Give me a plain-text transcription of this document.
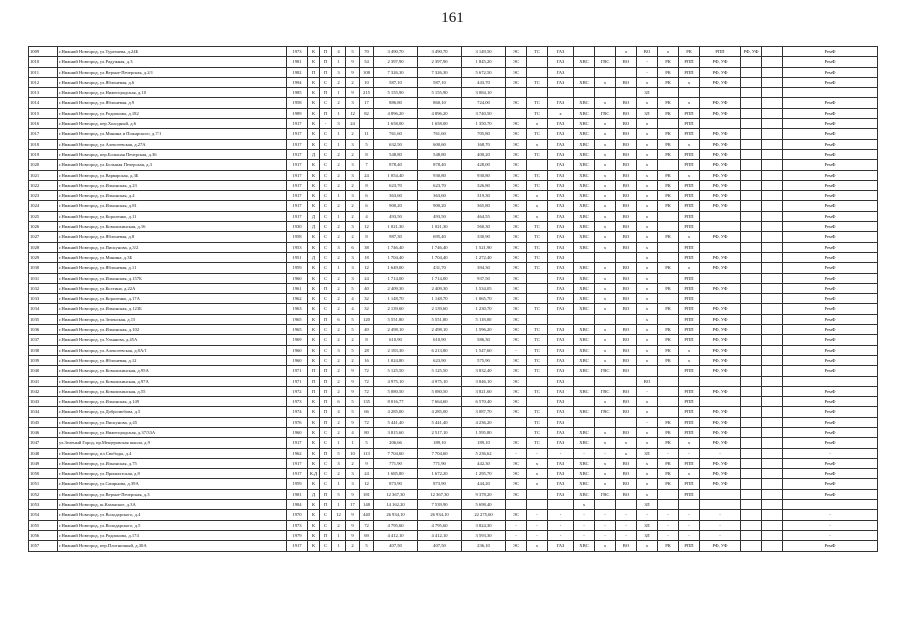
161
1009	г.Нижний Новгород, ул.Тургенева, д.24Б	1973	К	П	4	5	70	3 490,70	3 490,70	3 149,50	ЭС	ТС	ГАЗ			х	ВО	х	РК	РПП	РФ, УФ		РемФ
1010	г.Нижний Новгород, ул.Радужная, д.3	1981	К	П	1	9	54	2 397,90	2 397,90	1 845,20	ЭС		ГАЗ	ХВС	ГВС	ВО	-	РК	РПП	РФ, УФ			РемФ
1011	г.Нижний Новгород, ул.Верхне-Печерская, д.2/1	1982	П	П	3	9	108	7 326,30	7 326,30	5 672,50	ЭС		ГАЗ				-	РК	РПП	РФ, УФ			РемФ
1012	г.Нижний Новгород, ул.Яблоневая, д.6	1994	К	С	2	2	10	587,10	587,10	443,70	ЭС	ТС	ГАЗ	ХВС	х	ВО	х	РК	х	РФ, УФ			РемФ
1013	г.Нижний Новгород, ул.Нижегородская, д.10	1985	К	П	1	9	215	5 155,90	5 155,90	3 084,10							ЗЛ						
1014	г.Нижний Новгород, ул.Яблоневая, д.9	1958	К	С	2	3	17	886,80	860,10	724,00	ЭС	ТС	ГАЗ	ХВС	х	ВО	х	РК	х	РФ, УФ			РемФ
1015	г.Нижний Новгород, ул.Родионова, д.182	1989	К	П	1	12	82	4 896,20	4 896,20	3 740,50		ТС	х	ХВС	ГВС	ВО	ЗЛ	РК	РПП	РФ, УФ			РемФ
1016	г.Нижний Новгород, пер.Холодный, д.6	1917	К	-	3	24		1 658,00	1 658,00	1 350,70	ЭС	х	ГАЗ	ХВС	х	ВО	х		РПП				РемФ
1017	г.Нижний Новгород, ул.Минина и Пожарского, д.7/1	1917	К	С	1	2	11	761,60	761,60	705,80	ЭС	ТС	ГАЗ	ХВС	х	ВО	х	РК	РПП	РФ, УФ			РемФ
1018	г.Нижний Новгород, ул.Алексеевская, д.27А	1917	К	С	1	3	5	632,50	600,60	168,70	ЭС	х	ГАЗ	ХВС	х	ВО	х	РК	х	РФ, УФ			РемФ
1019	г.Нижний Новгород, пер.Большая Печерская, д.36	1917	Д	С	2	2	8	548,80	548,80	400,20	ЭС	ТС	ГАЗ	ХВС	х	ВО	х	РК	РПП	РФ, УФ			РемФ
1020	г.Нижний Новгород, ул.Большая Печерская, д.3	1917	К	С	2	3	7	878,40	878,40	428,00	ЭС		ГАЗ	ХВС	х	ВО	х		РПП	РФ, УФ			РемФ
1021	г.Нижний Новгород, ул.Варварская, д.3Б	1917	К	С	2	3	24	1 054,40	930,80	930,80	ЭС	ТС	ГАЗ	ХВС	х	ВО	х	РК	х	РФ, УФ			РемФ
1022	г.Нижний Новгород, ул.Ильинская, д.23	1917	К	С	2	2	8	623,70	623,70	326,80	ЭС	ТС	ГАЗ	ХВС	х	ВО	х	РК	РПП	РФ, УФ			РемФ
1023	г.Нижний Новгород, ул.Ильинская, д.4	1917	К	С	1	3	6	363,60	363,60	319,30	ЭС	х	ГАЗ	ХВС	х	ВО	х	РК	РПП	РФ, УФ			РемФ
1024	г.Нижний Новгород, ул.Ильинская, д.81	1917	К	С	2	2	6	900,20	900,20	365,80	ЭС	х	ГАЗ	ХВС	х	ВО	х	РК	РПП	РФ, УФ			РемФ
1025	г.Нижний Новгород, ул.Короленко, д.11	1917	Д	С	1	2	4	493,50	493,50	464,55	ЭС	х	ГАЗ	ХВС	х	ВО	х		РПП				РемФ
1026	г.Нижний Новгород, ул.Ковалихинская, д.16	1930	Д	С	2	3	12	1 021,30	1 021,30	560,30	ЭС	ТС	ГАЗ	ХВС	х	ВО	х		РПП				РемФ
1027	г.Нижний Новгород, ул.Яблоневая, д.8	1958	К	С	2	2	8	987,30	695,40	330,90	ЭС	ТС	ГАЗ	ХВС	х	ВО	х	РК	х	РФ, УФ			РемФ
1028	г.Нижний Новгород, ул.Пискунова, д.3/2	1953	К	С	3	6	38	1 746,40	1 746,40	1 521,90	ЭС	ТС	ГАЗ	ХВС	х	ВО	х		РПП				РемФ
1029	г.Нижний Новгород, ул.Минина, д.3Б	1951	Д	С	2	3	18	1 704,40	1 704,40	1 272,40	ЭС	ТС	ГАЗ				х		РПП	РФ, УФ			РемФ
1030	г.Нижний Новгород, ул.Яблоневая, д.11	1959	К	С	1	3	12	1 649,00	431,70	394,30	ЭС	ТС	ГАЗ	ХВС	х	ВО	х	РК	х	РФ, УФ			РемФ
1031	г.Нижний Новгород, ул.Ильинская, д.157Б	1960	К	С	2	3	24	1 714,00	1 714,00	937,50	ЭС		ГАЗ	ХВС	х	ВО	х		РПП				РемФ
1032	г.Нижний Новгород, ул.Костина, д.22А	1961	К	П	2	5	40	2 409,30	2 409,30	1 534,05	ЭС		ГАЗ	ХВС	х	ВО	х	РК	РПП	РФ, УФ			РемФ
1033	г.Нижний Новгород, ул.Короленко, д.17А	1962	К	С	2	4	32	1 148,70	1 148,70	1 065,70	ЭС		ГАЗ	ХВС	х	ВО	х		РПП				РемФ
1034	г.Нижний Новгород, ул.Ильинская, д.123Б	1963	К	С	2	4	32	2 139,60	2 139,60	1 230,70	ЭС	ТС	ГАЗ	ХВС	х	ВО	х	РК	РПП	РФ, УФ			РемФ
1035	г.Нижний Новгород, ул.Зеленская, д.15	1965	К	П	6	5	120	5 551,80	5 551,80	5 118,00	ЭС						х		РПП	РФ, УФ			РемФ
1036	г.Нижний Новгород, ул.Ильинская, д.102	1965	К	С	2	5	40	2 498,10	2 498,10	1 596,20	ЭС	ТС	ГАЗ	ХВС	х	ВО	х	РК	РПП	РФ, УФ			РемФ
1037	г.Нижний Новгород, ул.Ульянова, д.45А	1969	К	С	2	2	8	610,90	610,90	586,30	ЭС	ТС	ГАЗ	ХВС	х	ВО	х	РК	РПП	РФ, УФ			РемФ
1038	г.Нижний Новгород, ул.Алексеевская, д.8А/1	1960	К	С	3	5	28	2 183,30	6 213,80	1 547,60	-	ТС	ГАЗ	ХВС	х	ВО	х	РК	х	РФ, УФ			РемФ
1039	г.Нижний Новгород, ул.Яблоневая, д.12	1960	К	С	2	2	16	1 024,80	623,90	575,90	ЭС	ТС	ГАЗ	ХВС	х	ВО	х	РК	х	РФ, УФ			РемФ
1040	г.Нижний Новгород, ул.Ковалихинская, д.95А	1971	П	П	2	9	72	5 125,50	5 125,50	3 832,40	ЭС	ТС	ГАЗ	ХВС	ГВС	ВО			РПП	РФ, УФ			РемФ
1041	г.Нижний Новгород, ул.Ковалихинская, д.97А	1971	П	П	2	9	72	4 975,10	4 975,10	3 846,10	ЭС		ГАЗ				ВО						
1042	г.Нижний Новгород, ул.Ковалихинская, д.55	1972	П	П	2	9	72	5 080,50	5 080,50	3 821,60	ЭС	ТС	ГАЗ	ХВС	ГВС	ВО	-		РПП	РФ, УФ			РемФ
1043	г.Нижний Новгород, ул.Ильинская, д.149	1973	К	П	6	5	135	8 016,77	7 664,60	6 570,40	ЭС		ГАЗ		х	ВО	х		РПП				РемФ
1044	г.Нижний Новгород, ул.Добролюбова, д.5	1974	К	П	4	5	66	4 285,00	4 285,00	3 087,70	ЭС	ТС	ГАЗ	ХВС	ГВС	ВО	х		РПП	РФ, УФ			РемФ
1045	г.Нижний Новгород, ул.Пискунова, д.45	1976	К	П	2	9	72	5 441,40	5 441,40	4 236,20		ТС	ГАЗ				-	РК	РПП	РФ, УФ			РемФ
1046	г.Нижний Новгород, ул.Нижегородская, д.37/33А	1960	К	С	2	4	80	3 815,60	2 517,10	1 595,80		ТС	ГАЗ	ХВС	х	ВО	х	РК	РПП	РФ, УФ			РемФ
1047	ул.Зеленый Город, пр.Мещеровская школа, д.9	1917	К	С	1	1	5	206,66	189,10	189,10	ЭС	ТС	ГАЗ	ХВС	х	х	х	РК	х	РФ, УФ			РемФ
1048	г.Нижний Новгород, пл.Свободы, д.4	1962	К	П	5	10	113	7 704,60	7 704,60	5 236,62	-	-	-	-	-	х	ЗЛ	-	-	-			-
1049	г.Нижний Новгород, ул.Ильинская, д.75	1917	К	С	3	2	9	771,90	771,90	442,30	ЭС	х	ГАЗ	ХВС	х	ВО	х	РК	РПП	РФ, УФ			РемФ
1050	г.Нижний Новгород, ул.Пришахтская, д.8	1917	К,Д	С	2	3	24	1 685,80	1 672,20	1 295,70	ЭС	х	ГАЗ	ХВС	х	ВО	х	РК	х	РФ, УФ			РемФ
1051	г.Нижний Новгород, ул.Смирнова, д.39А	1959	К	С	1	3	12	873,90	873,90	444,20	ЭС	х	ГАЗ	ХВС	х	ВО	х	РК	РПП	РФ, УФ			РемФ
1052	г.Нижний Новгород, ул.Верхне-Печерская, д.3	1981	Д	П	5	9	181	12 367,30	12 367,30	9 378,20	ЭС		ГАЗ	ХВС	ГВС	ВО	х		РПП				РемФ
1053	г.Нижний Новгород, ш.Казанское, д.3А	1984	К	П	1	17	148	14 162,20	7 539,90	5 698,40				х			ЗЛ						
1054	г.Нижний Новгород, ул.Володарского, д.4	1970	К	С	12	9	440	26 934,10	26 934,10	22 275,60	ЭС	-	-	-	-	-	-	-	-	-			-
1055	г.Нижний Новгород, ул.Володарского, д.5	1973	К	С	2	9	72	4 795,60	4 795,60	3 824,30	-	-	-	-	-	-	ЗЛ	-	-	-			-
1056	г.Нижний Новгород, ул.Родионова, д.174	1979	К	П	1	9	69	4 412,10	4 412,10	3 593,30	-	-	-	-	-	-	ЗЛ	-	-	-			-
1057	г.Нижний Новгород, пер.Плотничный, д.30А	1917	К	С	1	2	5	407,50	407,50	236,10	ЭС	х	ГАЗ	ХВС	х	ВО	х	РК	РПП	РФ, УФ			РемФ
